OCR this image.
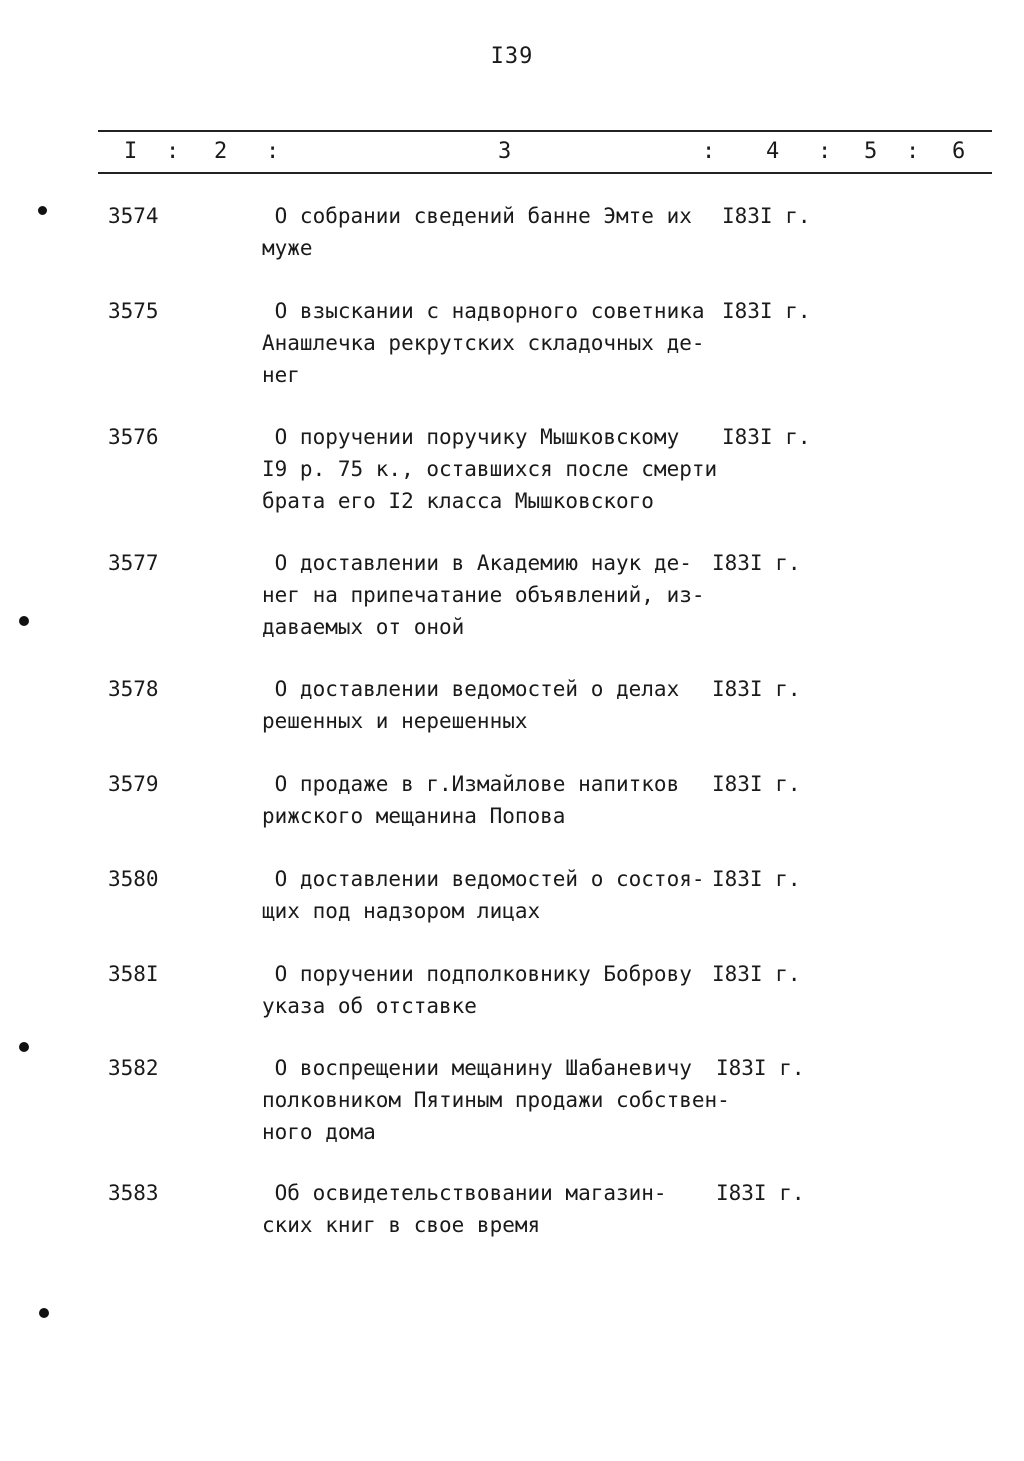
I39
I : 2 :	3	: 4 : 5 : 6
3574	О собрании сведений банне Эмте их
муже
I83I г.
3575	О взыскании с надворного советника
Анашлечка рекрутских складочных де-
нег
I83I г.
3576	О поручении поручику Мышковскому
I9 р. 75 к., оставшихся после смерти
брата его I2 класса Мышковского
I83I г.
3577	О доставлении в Академию наук де-
нег на припечатание объявлений, из-
даваемых от оной
I83I г.
3578	О доставлении ведомостей о делах
решенных и нерешенных
I83I г.
3579	О продаже в г.Измайлове напитков
рижского мещанина Попова
I83I г.
3580	О доставлении ведомостей о состоя-
щих под надзором лицах
I83I г.
358I	О поручении подполковнику Боброву
указа об отставке
I83I г.
3582	О воспрещении мещанину Шабаневичу
полковником Пятиным продажи собствен-
ного дома
I83I г.
3583	Об освидетельствовании магазин-
ских книг в свое время
I83I г.
